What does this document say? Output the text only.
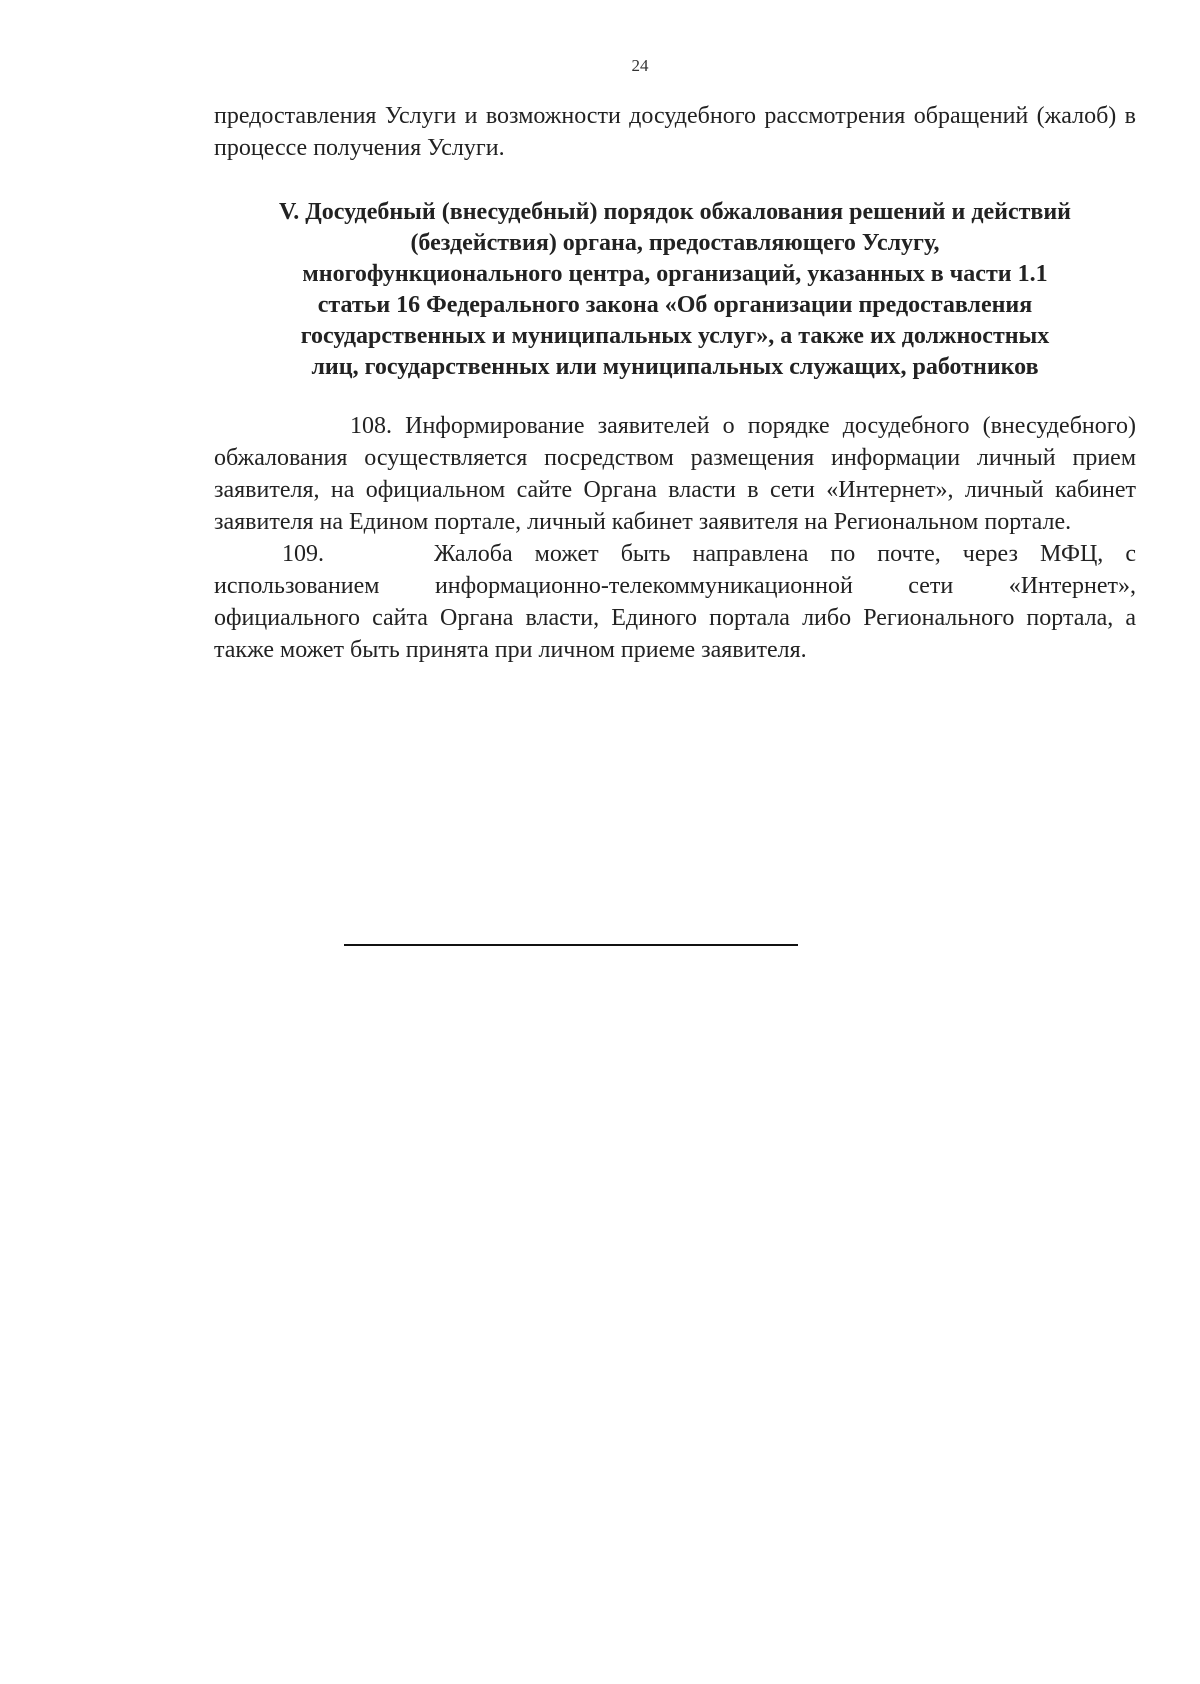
24

предоставления Услуги и возможности досудебного рассмотрения обращений (жалоб) в процессе получения Услуги.

V. Досудебный (внесудебный) порядок обжалования решений и действий
(бездействия) органа, предоставляющего Услугу,
многофункционального центра, организаций, указанных в части 1.1
статьи 16 Федерального закона «Об организации предоставления
государственных и муниципальных услуг», а также их должностных
лиц, государственных или муниципальных служащих, работников

108. Информирование заявителей о порядке досудебного (внесудебного) обжалования осуществляется посредством размещения информации личный прием заявителя, на официальном сайте Органа власти в сети «Интернет», личный кабинет заявителя на Едином портале, личный кабинет заявителя на Региональном портале.

109.	Жалоба может быть направлена по почте, через МФЦ, с использованием информационно-телекоммуникационной сети «Интернет», официального сайта Органа власти, Единого портала либо Регионального портала, а также может быть принята при личном приеме заявителя.
